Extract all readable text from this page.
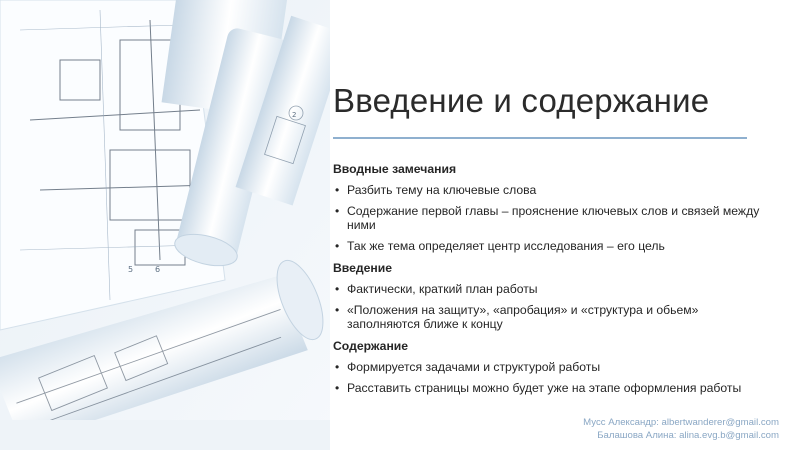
5	6
2 Введение и содержание
Вводные замечания
• Разбить тему на ключевые слова
• Содержание первой главы – прояснение ключевых слов и связей между ними
• Так же тема определяет центр исследования – его цель
Введение
• Фактически, краткий план работы
• «Положения на защиту», «апробация» и «структура и обьем» заполняются ближе к концу
Содержание
• Формируется задачами и структурой работы
• Расставить страницы можно будет уже на этапе оформления работы
Мусс Александр: albertwanderer@gmail.com
Балашова Алина: alina.evg.b@gmail.com
